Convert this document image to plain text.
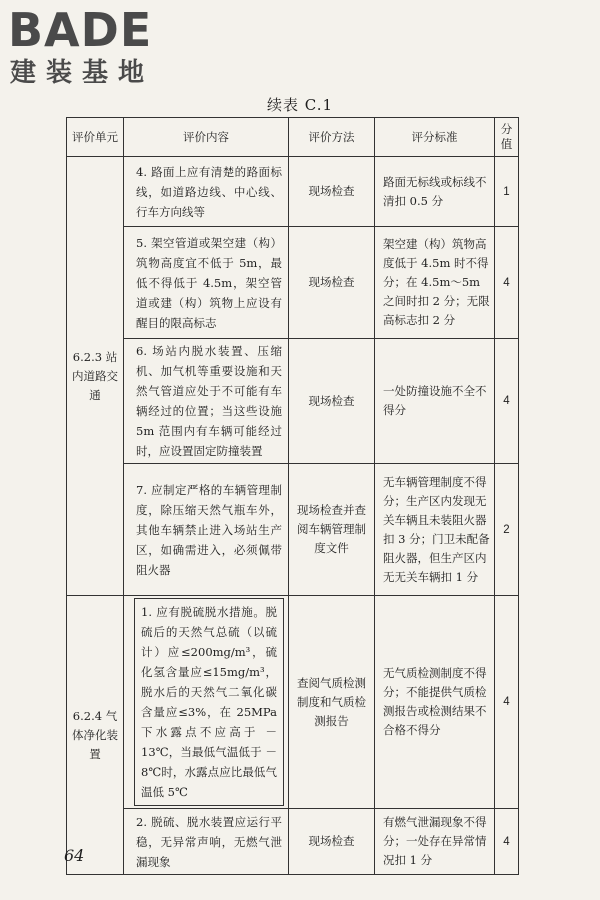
BADE
建装基地
续表 C.1
评价单元	评价内容	评价方法	评分标准	分值
6.2.3 站内道路交通	4. 路面上应有清楚的路面标线，如道路边线、中心线、行车方向线等	现场检查	路面无标线或标线不清扣 0.5 分	1
	5. 架空管道或架空建（构）筑物高度宜不低于 5m，最低不得低于 4.5m，架空管道或建（构）筑物上应设有醒目的限高标志	现场检查	架空建（构）筑物高度低于 4.5m 时不得分；在 4.5m～5m 之间时扣 2 分；无限高标志扣 2 分	4
	6. 场站内脱水装置、压缩机、加气机等重要设施和天然气管道应处于不可能有车辆经过的位置；当这些设施 5m 范围内有车辆可能经过时，应设置固定防撞装置	现场检查	一处防撞设施不全不得分	4
	7. 应制定严格的车辆管理制度，除压缩天然气瓶车外，其他车辆禁止进入场站生产区，如确需进入，必须佩带阻火器	现场检查并查阅车辆管理制度文件	无车辆管理制度不得分；生产区内发现无关车辆且未装阻火器扣 3 分；门卫未配备阻火器，但生产区内无无关车辆扣 1 分	2
6.2.4 气体净化装置	1. 应有脱硫脱水措施。脱硫后的天然气总硫（以硫计）应≤200mg/m³，硫化氢含量应≤15mg/m³，脱水后的天然气二氧化碳含量应≤3%，在 25MPa 下水露点不应高于 －13℃，当最低气温低于 －8℃时，水露点应比最低气温低 5℃	查阅气质检测制度和气质检测报告	无气质检测制度不得分；不能提供气质检测报告或检测结果不合格不得分	4
	2. 脱硫、脱水装置应运行平稳，无异常声响，无燃气泄漏现象	现场检查	有燃气泄漏现象不得分；一处存在异常情况扣 1 分	4
64
